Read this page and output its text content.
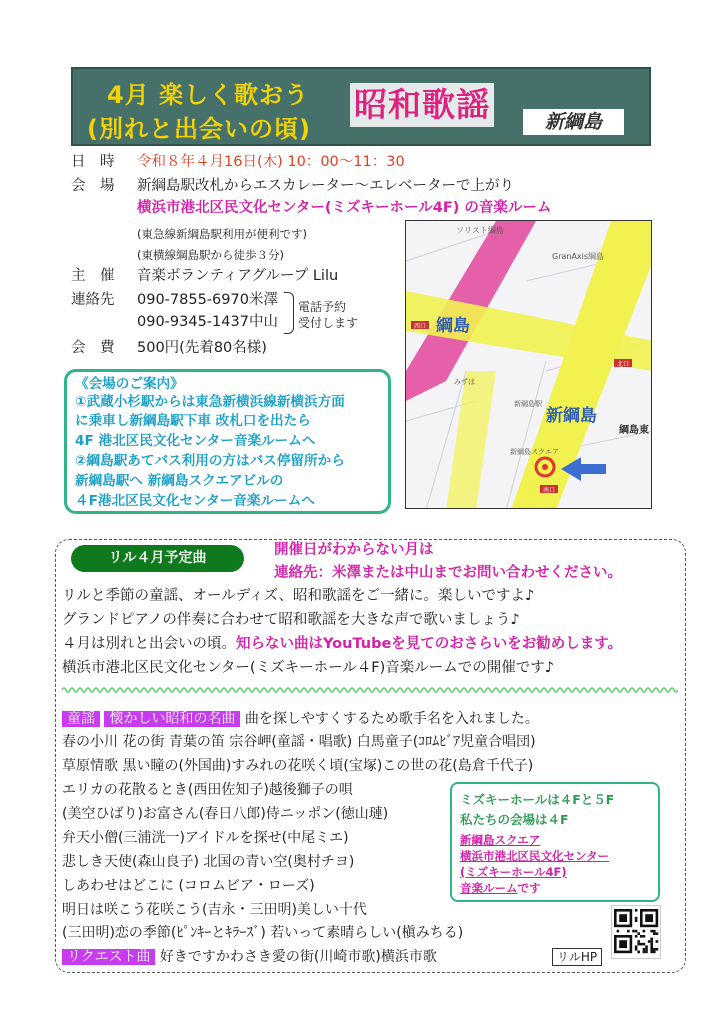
4月 楽しく歌おう
(別れと出会いの頃)
昭和歌謡	新綱島
日　時 令和８年４月16日(木) 10：00〜11：30
会　場 新綱島駅改札からエスカレーター〜エレベーターで上がり
横浜市港北区民文化センター(ミズキーホール4F) の音楽ルーム
(東急線新綱島駅利用が便利です)
(東横線綱島駅から徒歩３分)
主　催 音楽ボランティアグループ Lilu
連絡先 090-7855-6970米澤
090-9345-1437中山
電話予約
受付します
会　費 500円(先着80名様)
ソリスト綱島
GranAxis綱島
綱島
新綱島
綱島東
新綱島スクエア
新綱島駅
西口
北口
南口
みずほ
《会場のご案内》
①武蔵小杉駅からは東急新横浜線新横浜方面
に乗車し新綱島駅下車 改札口を出たら
4F 港北区民文化センター音楽ルームへ
②綱島駅あてバス利用の方はバス停留所から
新綱島駅へ 新綱島スクエアビルの
４F港北区民文化センター音楽ルームへ
リル４月予定曲	開催日がわからない月は
連絡先：米澤または中山までお問い合わせください。
リルと季節の童謡、オールディズ、昭和歌謡をご一緒に。楽しいですよ♪
グランドピアノの伴奏に合わせて昭和歌謡を大きな声で歌いましょう♪
４月は別れと出会いの頃。知らない曲はYouTubeを見てのおさらいをお勧めします。
横浜市港北区民文化センター(ミズキーホール４F)音楽ルームでの開催です♪
童謡 懐かしい昭和の名曲 曲を探しやすくするため歌手名を入れました。
春の小川 花の街 青葉の笛 宗谷岬(童謡・唱歌) 白馬童子(ｺﾛﾑﾋﾞｱ児童合唱団)
草原情歌 黒い瞳の(外国曲)すみれの花咲く頃(宝塚)この世の花(島倉千代子)
エリカの花散るとき(西田佐知子)越後獅子の唄
(美空ひばり)お富さん(春日八郎)侍ニッポン(徳山璉)
弁天小僧(三浦洸一)アイドルを探せ(中尾ミエ)
悲しき天使(森山良子) 北国の青い空(奥村チヨ)
しあわせはどこに (コロムビア・ローズ)
明日は咲こう花咲こう(吉永・三田明)美しい十代
(三田明)恋の季節(ﾋﾟﾝｷｰとｷﾗｰｽﾞ) 若いって素晴らしい(槇みちる)
リクエスト曲 好きですかわさき愛の街(川崎市歌)横浜市歌	リルHP
ミズキーホールは４Fと５F
私たちの会場は４F
新綱島スクエア
横浜市港北区民文化センター
(ミズキーホール4F)
音楽ルームです
